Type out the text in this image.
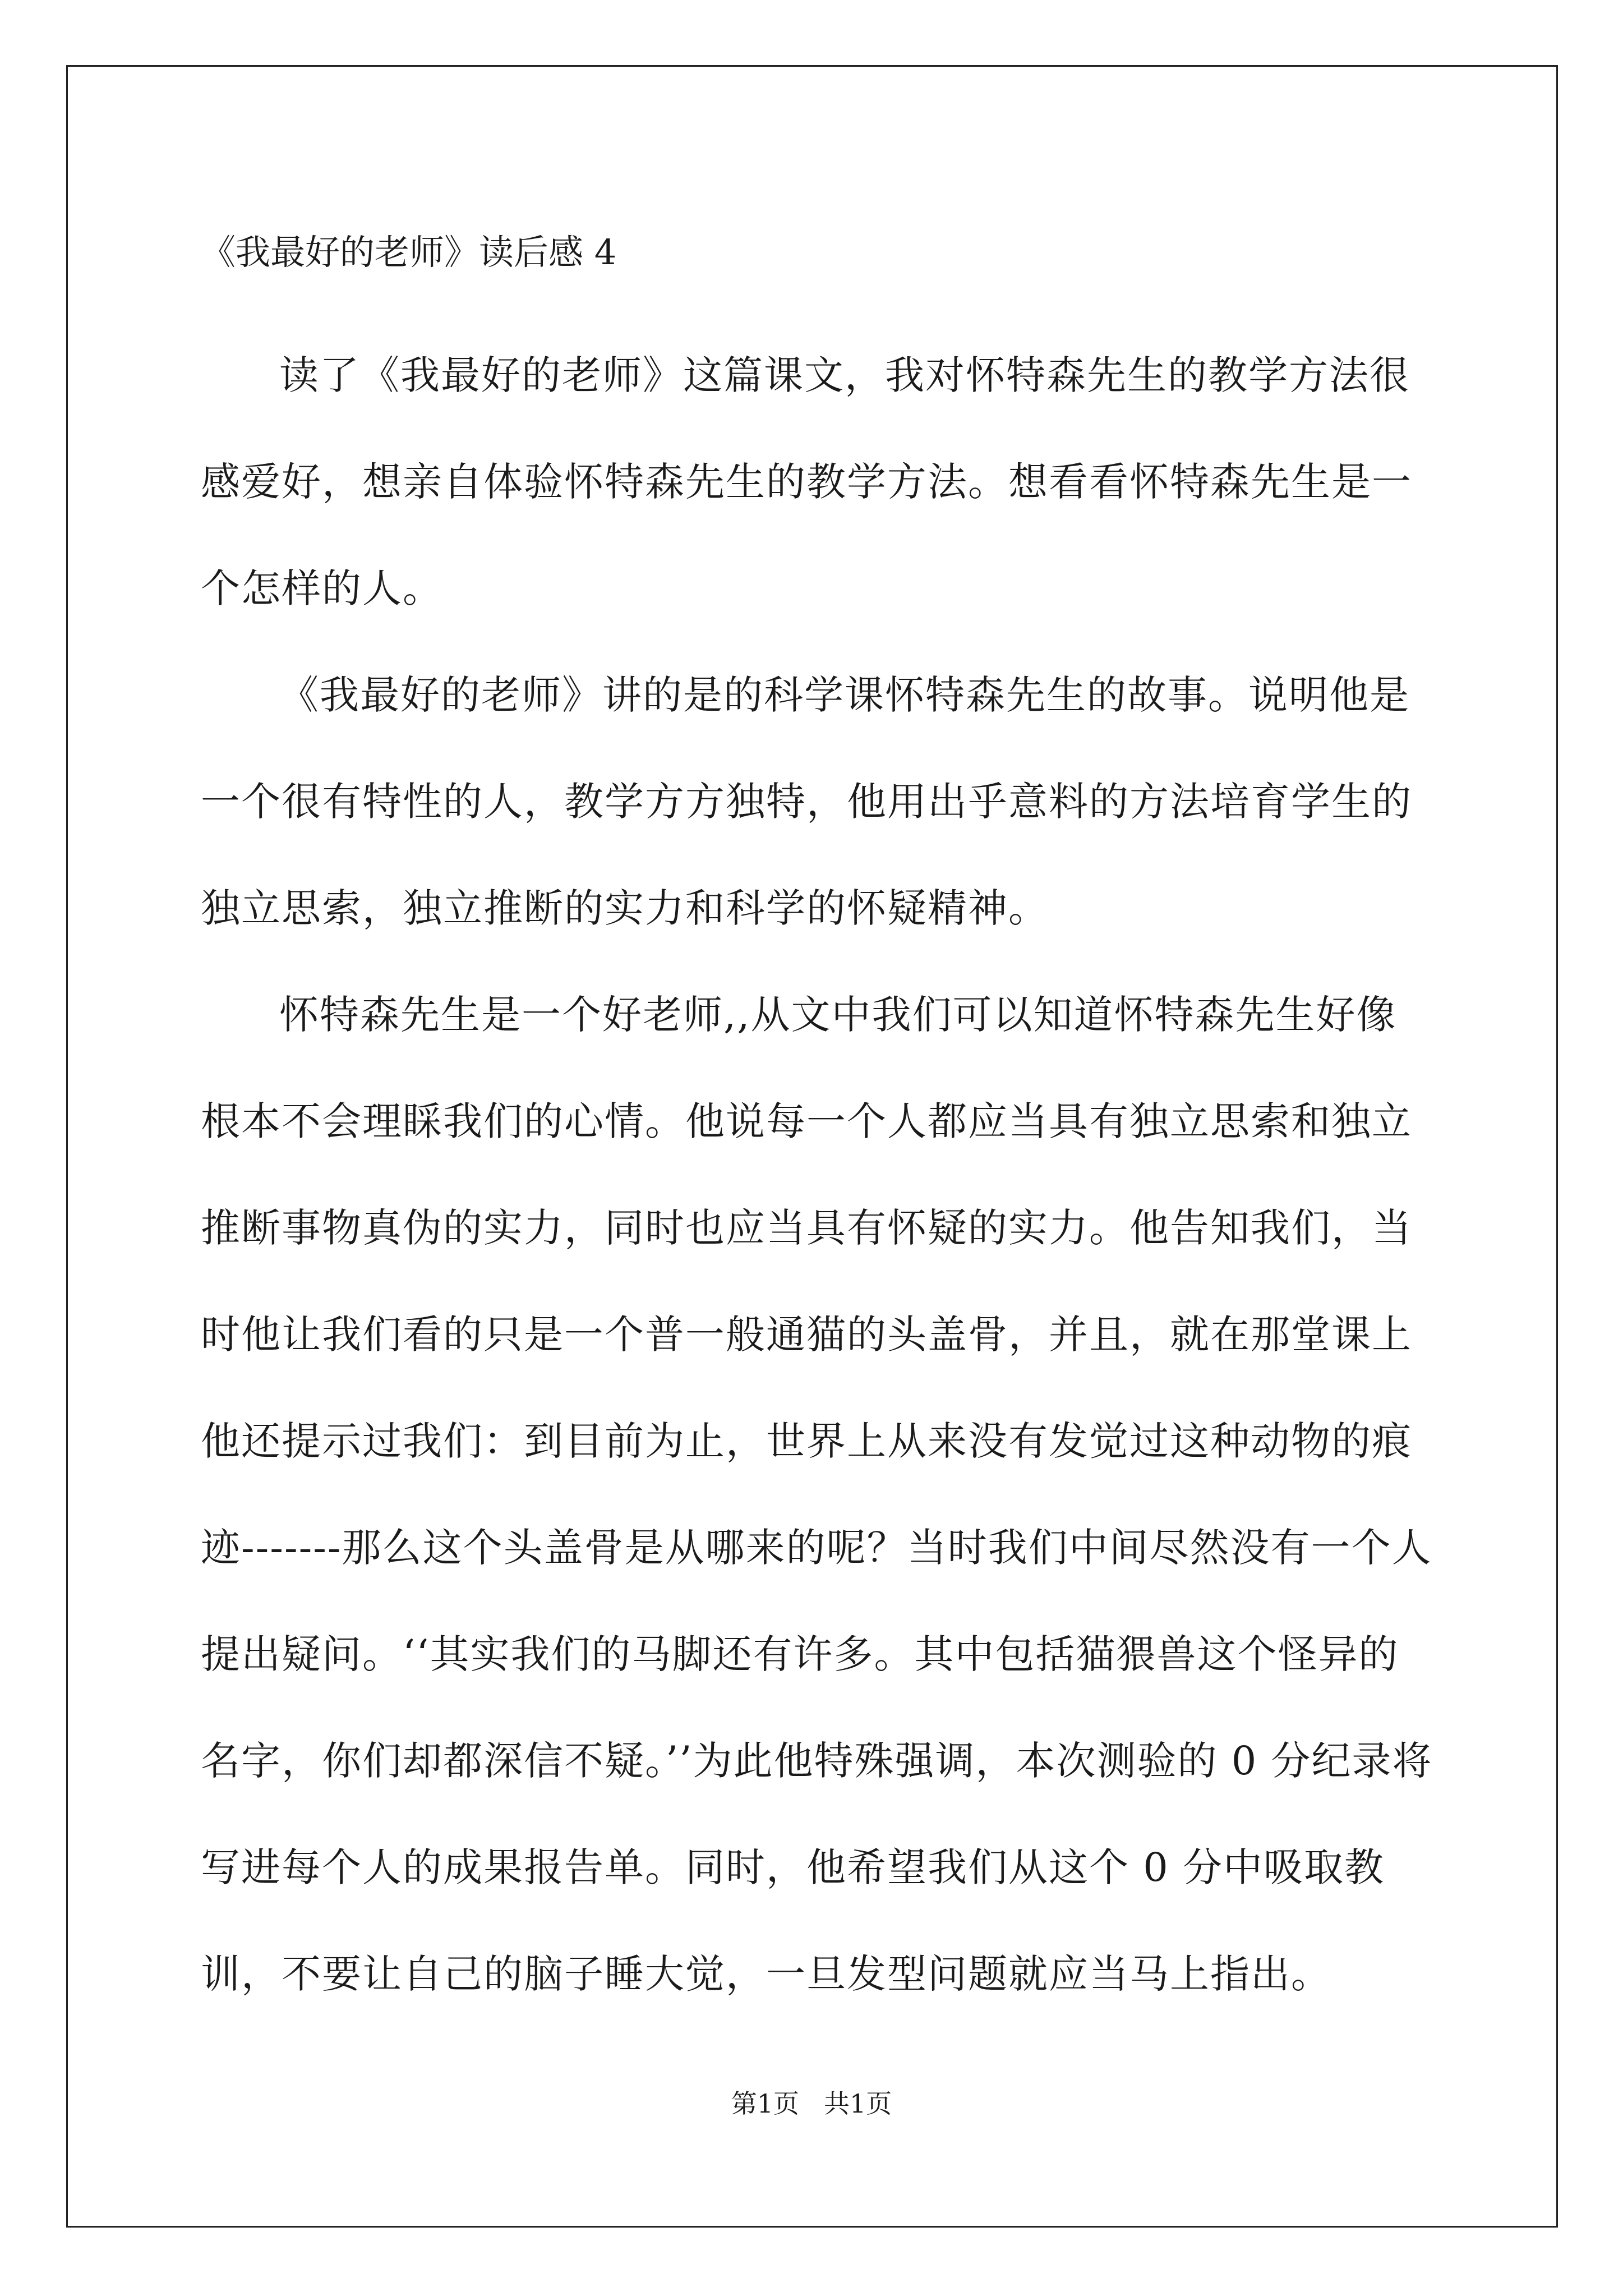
《我最好的老师》读后感 4

读了《我最好的老师》这篇课文，我对怀特森先生的教学方法很感爱好，想亲自体验怀特森先生的教学方法。想看看怀特森先生是一个怎样的人。

《我最好的老师》讲的是的科学课怀特森先生的故事。说明他是一个很有特性的人，教学方方独特，他用出乎意料的方法培育学生的独立思索，独立推断的实力和科学的怀疑精神。

怀特森先生是一个好老师,,从文中我们可以知道怀特森先生好像根本不会理睬我们的心情。他说每一个人都应当具有独立思索和独立推断事物真伪的实力，同时也应当具有怀疑的实力。他告知我们，当时他让我们看的只是一个普一般通猫的头盖骨，并且，就在那堂课上他还提示过我们：到目前为止，世界上从来没有发觉过这种动物的痕迹-------那么这个头盖骨是从哪来的呢？当时我们中间尽然没有一个人提出疑问。‘‘其实我们的马脚还有许多。其中包括猫猥兽这个怪异的名字，你们却都深信不疑。’’为此他特殊强调，本次测验的 0 分纪录将写进每个人的成果报告单。同时，他希望我们从这个 0 分中吸取教训，不要让自己的脑子睡大觉，一旦发型问题就应当马上指出。

第1页 共1页
